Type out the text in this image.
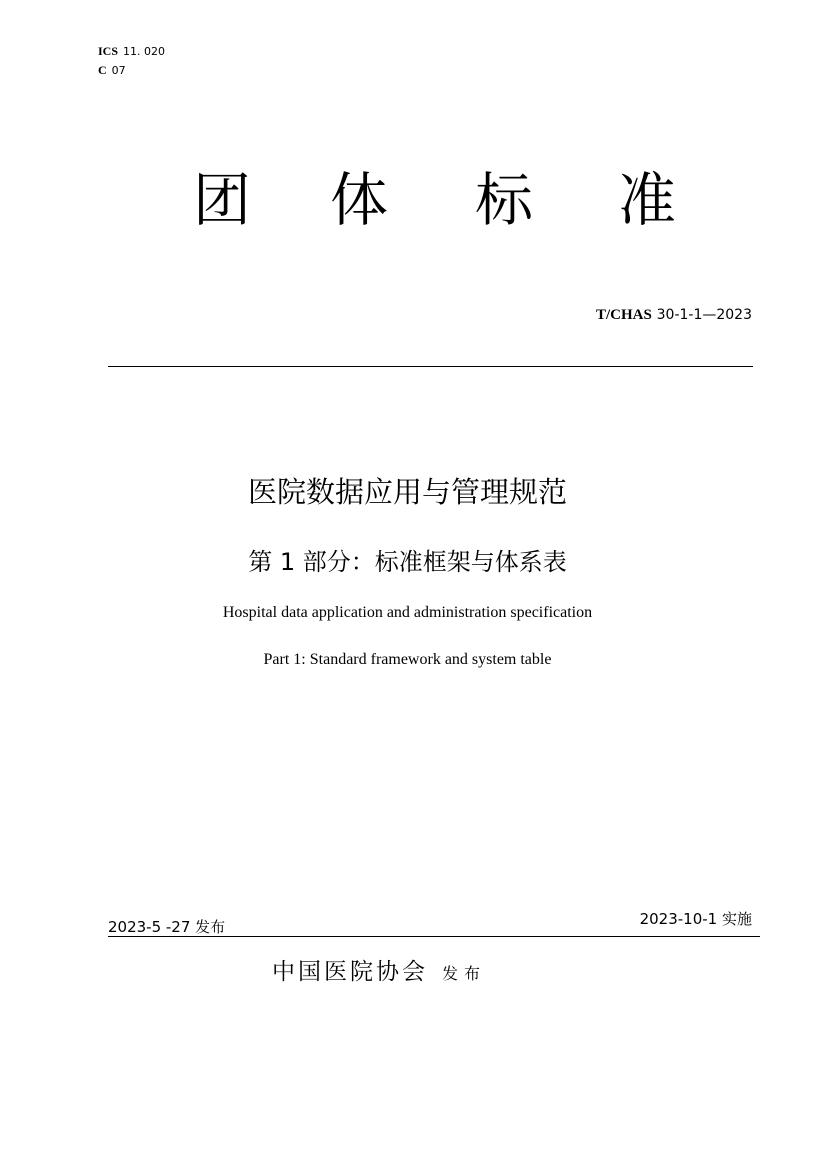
ICS 11. 020
C 07
团 体 标 准
T/CHAS 30-1-1—2023
医院数据应用与管理规范
第 1 部分：标准框架与体系表
Hospital data application and administration specification
Part 1: Standard framework and system table
2023-5 -27 发布	2023-10-1 实施
中国医院协会 发布
